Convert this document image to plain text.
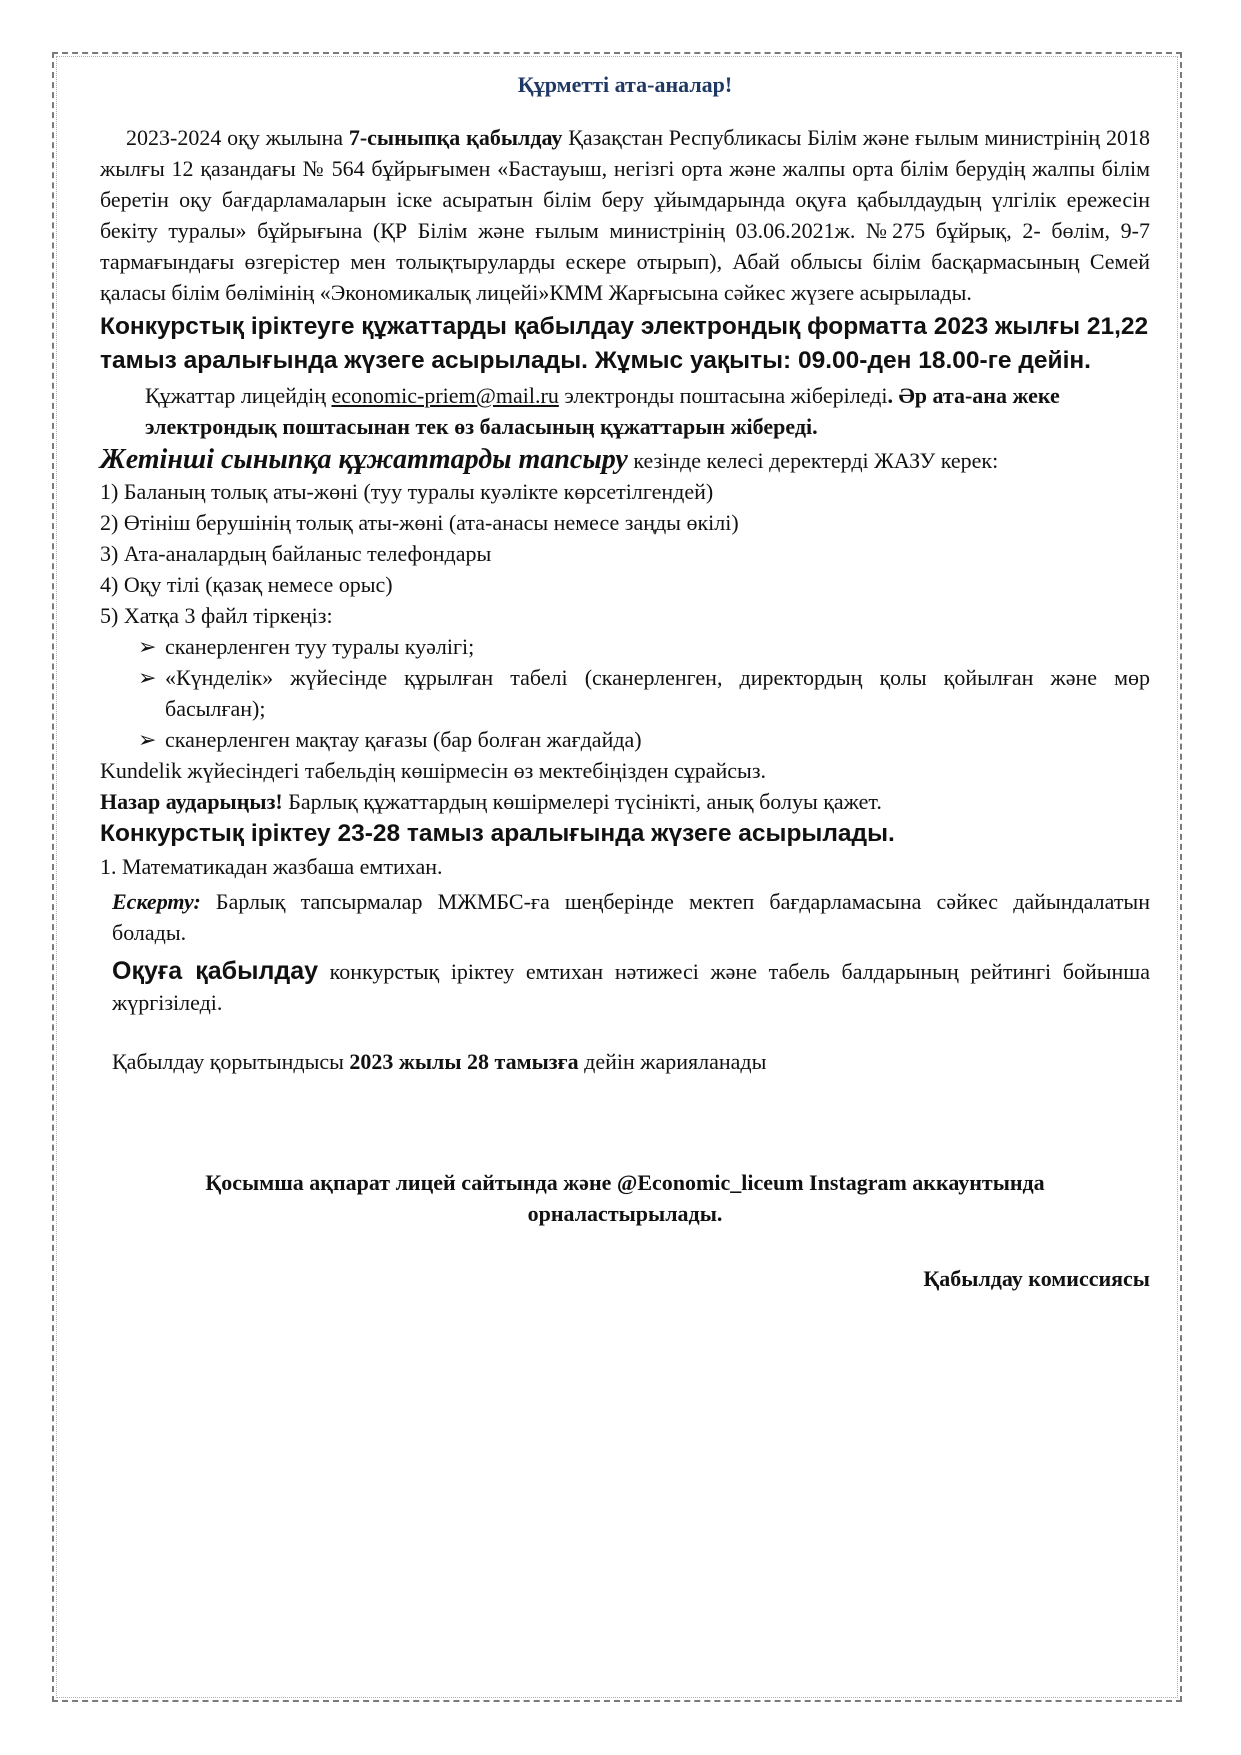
Құрметті ата-аналар!

2023-2024 оқу жылына 7-сыныпқа қабылдау Қазақстан Республикасы Білім және ғылым министрінің 2018 жылғы 12 қазандағы № 564 бұйрығымен «Бастауыш, негізгі орта және жалпы орта білім берудің жалпы білім беретін оқу бағдарламаларын іске асыратын білім беру ұйымдарында оқуға қабылдаудың үлгілік ережесін бекіту туралы» бұйрығына (ҚР Білім және ғылым министрінің 03.06.2021ж. №275 бұйрық, 2- бөлім, 9-7 тармағындағы өзгерістер мен толықтыруларды ескере отырып), Абай облысы білім басқармасының Семей қаласы білім бөлімінің «Экономикалық лицейі»КММ Жарғысына сәйкес жүзеге асырылады.

Конкурстық іріктеуге құжаттарды қабылдау электрондық форматта 2023 жылғы 21,22 тамыз аралығында жүзеге асырылады. Жұмыс уақыты: 09.00-ден 18.00-ге дейін.

Құжаттар лицейдің economic-priem@mail.ru электронды поштасына жіберіледі. Әр ата-ана жеке электрондық поштасынан тек өз баласының құжаттарын жібереді.

Жетінші сыныпқа құжаттарды тапсыру кезінде келесі деректерді ЖАЗУ керек:

1) Баланың толық аты-жөні (туу туралы куәлікте көрсетілгендей)

2) Өтініш берушінің толық аты-жөні (ата-анасы немесе заңды өкілі)

3) Ата-аналардың байланыс телефондары

4) Оқу тілі (қазақ немесе орыс)

5) Хатқа 3 файл тіркеңіз:

➢ сканерленген туу туралы куәлігі;

➢ «Күнделік» жүйесінде құрылған табелі (сканерленген, директордың қолы қойылған және мөр басылған);

➢ сканерленген мақтау қағазы (бар болған жағдайда)

Kundelik жүйесіндегі табельдің көшірмесін өз мектебіңізден сұрайсыз.

Назар аударыңыз! Барлық құжаттардың көшірмелері түсінікті, анық болуы қажет.

Конкурстық іріктеу 23-28 тамыз аралығында жүзеге асырылады.

1. Математикадан жазбаша емтихан.

Ескерту: Барлық тапсырмалар МЖМБС-ға шеңберінде мектеп бағдарламасына сәйкес дайындалатын болады.

Оқуға қабылдау конкурстық іріктеу емтихан нәтижесі және табель балдарының рейтингі бойынша жүргізіледі.

Қабылдау қорытындысы 2023 жылы 28 тамызға дейін жарияланады

Қосымша ақпарат лицей сайтында және @Economic_liceum Instagram аккаунтында орналастырылады.

Қабылдау комиссиясы
